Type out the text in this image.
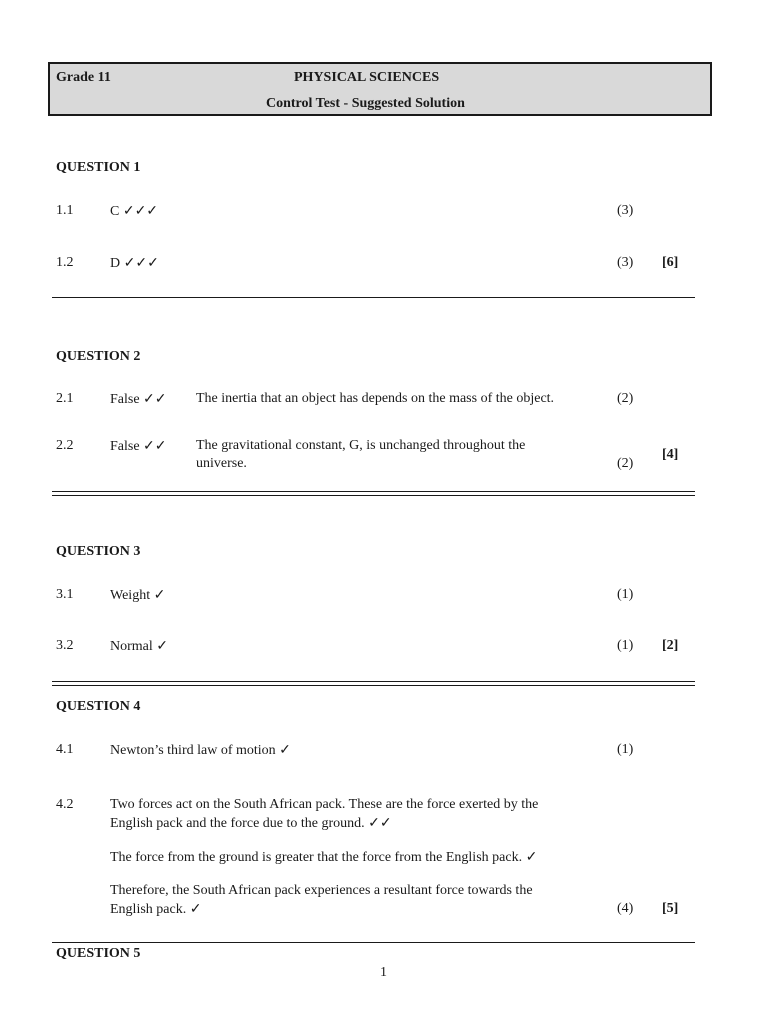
Grade 11	PHYSICAL SCIENCES
Control Test - Suggested Solution
QUESTION 1
1.1	C ✓✓✓	(3)
1.2	D ✓✓✓	(3) [6]
QUESTION 2
2.1	False ✓✓ The inertia that an object has depends on the mass of the object.	(2)
2.2	False ✓✓ The gravitational constant, G, is unchanged throughout the
universe.	(2)
[4]
QUESTION 3
3.1	Weight ✓	(1)
3.2	Normal ✓	(1) [2]
QUESTION 4
4.1	Newton’s third law of motion ✓	(1)
4.2	Two forces act on the South African pack. These are the force exerted by the
English pack and the force due to the ground. ✓✓
The force from the ground is greater that the force from the English pack. ✓
Therefore, the South African pack experiences a resultant force towards the
English pack. ✓	(4) [5]
QUESTION 5
1
